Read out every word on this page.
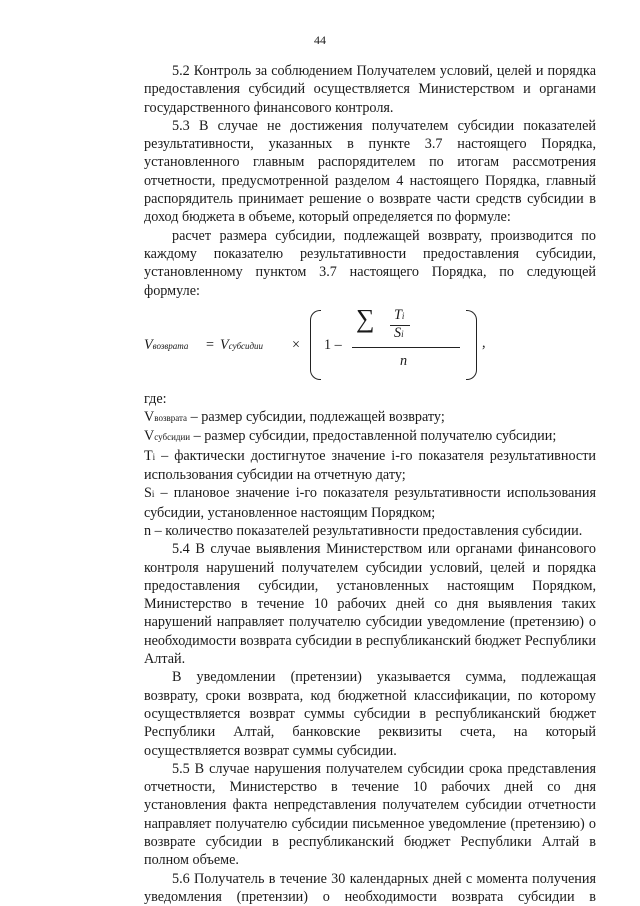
44

5.2 Контроль за соблюдением Получателем условий, целей и порядка предоставления субсидий осуществляется Министерством и органами государственного финансового контроля.

5.3 В случае не достижения получателем субсидии показателей результативности, указанных в пункте 3.7 настоящего Порядка, установленного главным распорядителем по итогам рассмотрения отчетности, предусмотренной разделом 4 настоящего Порядка, главный распорядитель принимает решение о возврате части средств субсидии в доход бюджета в объеме, который определяется по формуле:

расчет размера субсидии, подлежащей возврату, производится по каждому показателю результативности предоставления субсидии, установленному пунктом 3.7 настоящего Порядка, по следующей формуле:

Vвозврата = Vсубсидии × 1 –
∑ Ti
Si
n
,

где:

Vвозврата – размер субсидии, подлежащей возврату;

Vсубсидии – размер субсидии, предоставленной получателю субсидии;

Ti – фактически достигнутое значение i-го показателя результативности использования субсидии на отчетную дату;

Si – плановое значение i-го показателя результативности использования субсидии, установленное настоящим Порядком;

n – количество показателей результативности предоставления субсидии.

5.4 В случае выявления Министерством или органами финансового контроля нарушений получателем субсидии условий, целей и порядка предоставления субсидии, установленных настоящим Порядком, Министерство в течение 10 рабочих дней со дня выявления таких нарушений направляет получателю субсидии уведомление (претензию) о необходимости возврата субсидии в республиканский бюджет Республики Алтай.

В уведомлении (претензии) указывается сумма, подлежащая возврату, сроки возврата, код бюджетной классификации, по которому осуществляется возврат суммы субсидии в республиканский бюджет Республики Алтай, банковские реквизиты счета, на который осуществляется возврат суммы субсидии.

5.5 В случае нарушения получателем субсидии срока представления отчетности, Министерство в течение 10 рабочих дней со дня установления факта непредставления получателем субсидии отчетности направляет получателю субсидии письменное уведомление (претензию) о возврате субсидии в республиканский бюджет Республики Алтай в полном объеме.

5.6 Получатель в течение 30 календарных дней с момента получения уведомления (претензии) о необходимости возврата субсидии в
